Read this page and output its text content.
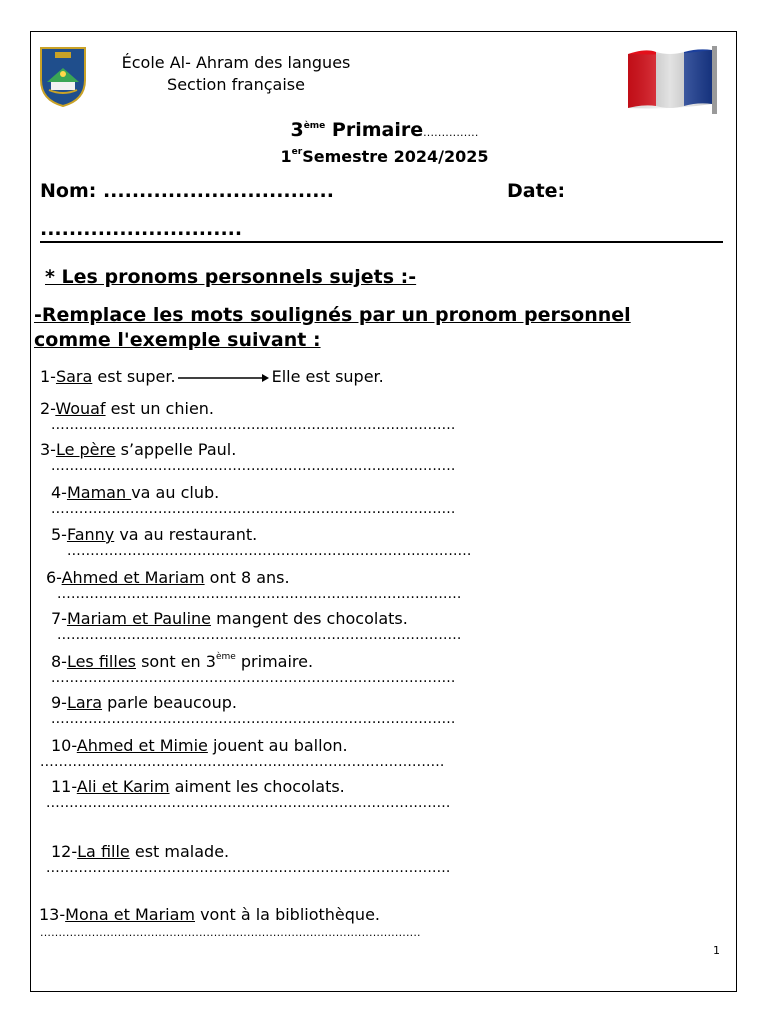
École Al- Ahram des langues
Section française
3ème Primaire...............
1erSemestre 2024/2025
Nom: ................................	Date:
............................
* Les pronoms personnels sujets :-
-Remplace les mots soulignés par un pronom personnel comme l'exemple suivant :
1-Sara est super.	Elle est super.
2-Wouaf est un chien.
.......................................................................................
3-Le père s’appelle Paul.
.......................................................................................
4-Maman va au club.
.......................................................................................
5-Fanny va au restaurant.
.......................................................................................
6-Ahmed et Mariam ont 8 ans.
.......................................................................................
7-Mariam et Pauline mangent des chocolats.
.......................................................................................
8-Les filles sont en 3ème primaire.
.......................................................................................
9-Lara parle beaucoup.
.......................................................................................
10-Ahmed et Mimie jouent au ballon.
.......................................................................................
11-Ali et Karim aiment les chocolats.
.......................................................................................
12-La fille est malade.
.......................................................................................
13-Mona et Mariam vont à la bibliothèque.
.......................................................................................................
1
